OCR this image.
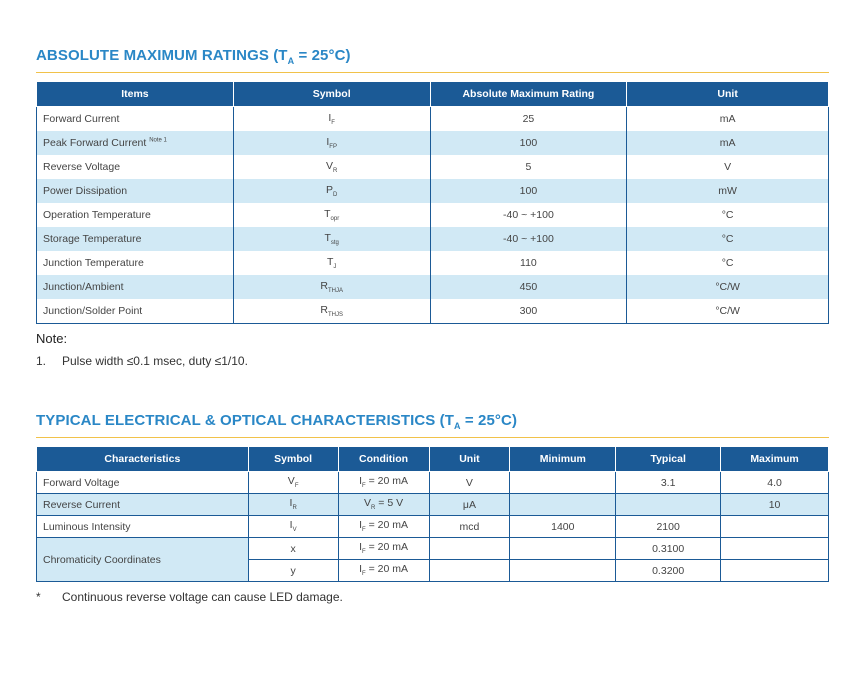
ABSOLUTE MAXIMUM RATINGS $(T_A = 25^\circ C)$
Items	Symbol	Absolute Maximum Rating	Unit
Forward Current	$I_F$	25	mA
Peak Forward Current $^{Note 1}$	$I_{FP}$	100	mA
Reverse Voltage	$V_R$	5	V
Power Dissipation	$P_D$	100	mW
Operation Temperature	$T_{opr}$	-40 ~ +100	°C
Storage Temperature	$T_{stg}$	-40 ~ +100	°C
Junction Temperature	$T_J$	110	°C
Junction/Ambient	$R_{THJA}$	450	°C/W
Junction/Solder Point	$R_{THJS}$	300	°C/W
Note:
1. Pulse width ≤0.1 msec, duty ≤1/10.
TYPICAL ELECTRICAL & OPTICAL CHARACTERISTICS $(T_A = 25^\circ C)$
Characteristics	Symbol	Condition	Unit	Minimum	Typical	Maximum
Forward Voltage	$V_F$	$I_F = 20$ mA	V		3.1	4.0
Reverse Current	$I_R$	$V_R = 5$ V	μA			10
Luminous Intensity	$I_V$	$I_F = 20$ mA	mcd	1400	2100	
Chromaticity Coordinates	x	$I_F = 20$ mA			0.3100	
	y	$I_F = 20$ mA			0.3200	
* Continuous reverse voltage can cause LED damage.
